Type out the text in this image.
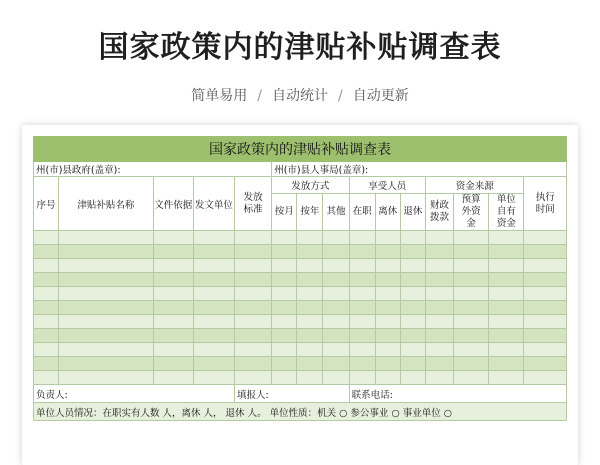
国家政策内的津贴补贴调查表
简单易用 / 自动统计 / 自动更新
国家政策内的津贴补贴调查表														
州(市)县政府(盖章):					州(市)县人事局(盖章):									
序号	津贴补贴名称	文件依据	发文单位	发放标准	发放方式			享受人员			资金来源			执行时间
					按月	按年	其他	在职	离休	退休	财政拨款	预算外资金	单位自有资金	

负责人:				填报人:				联系电话:						
单位人员情况：在职实有人数 人，离休 人， 退休 人。 单位性质：机关 ○ 参公事业 ○ 事业单位 ○														
